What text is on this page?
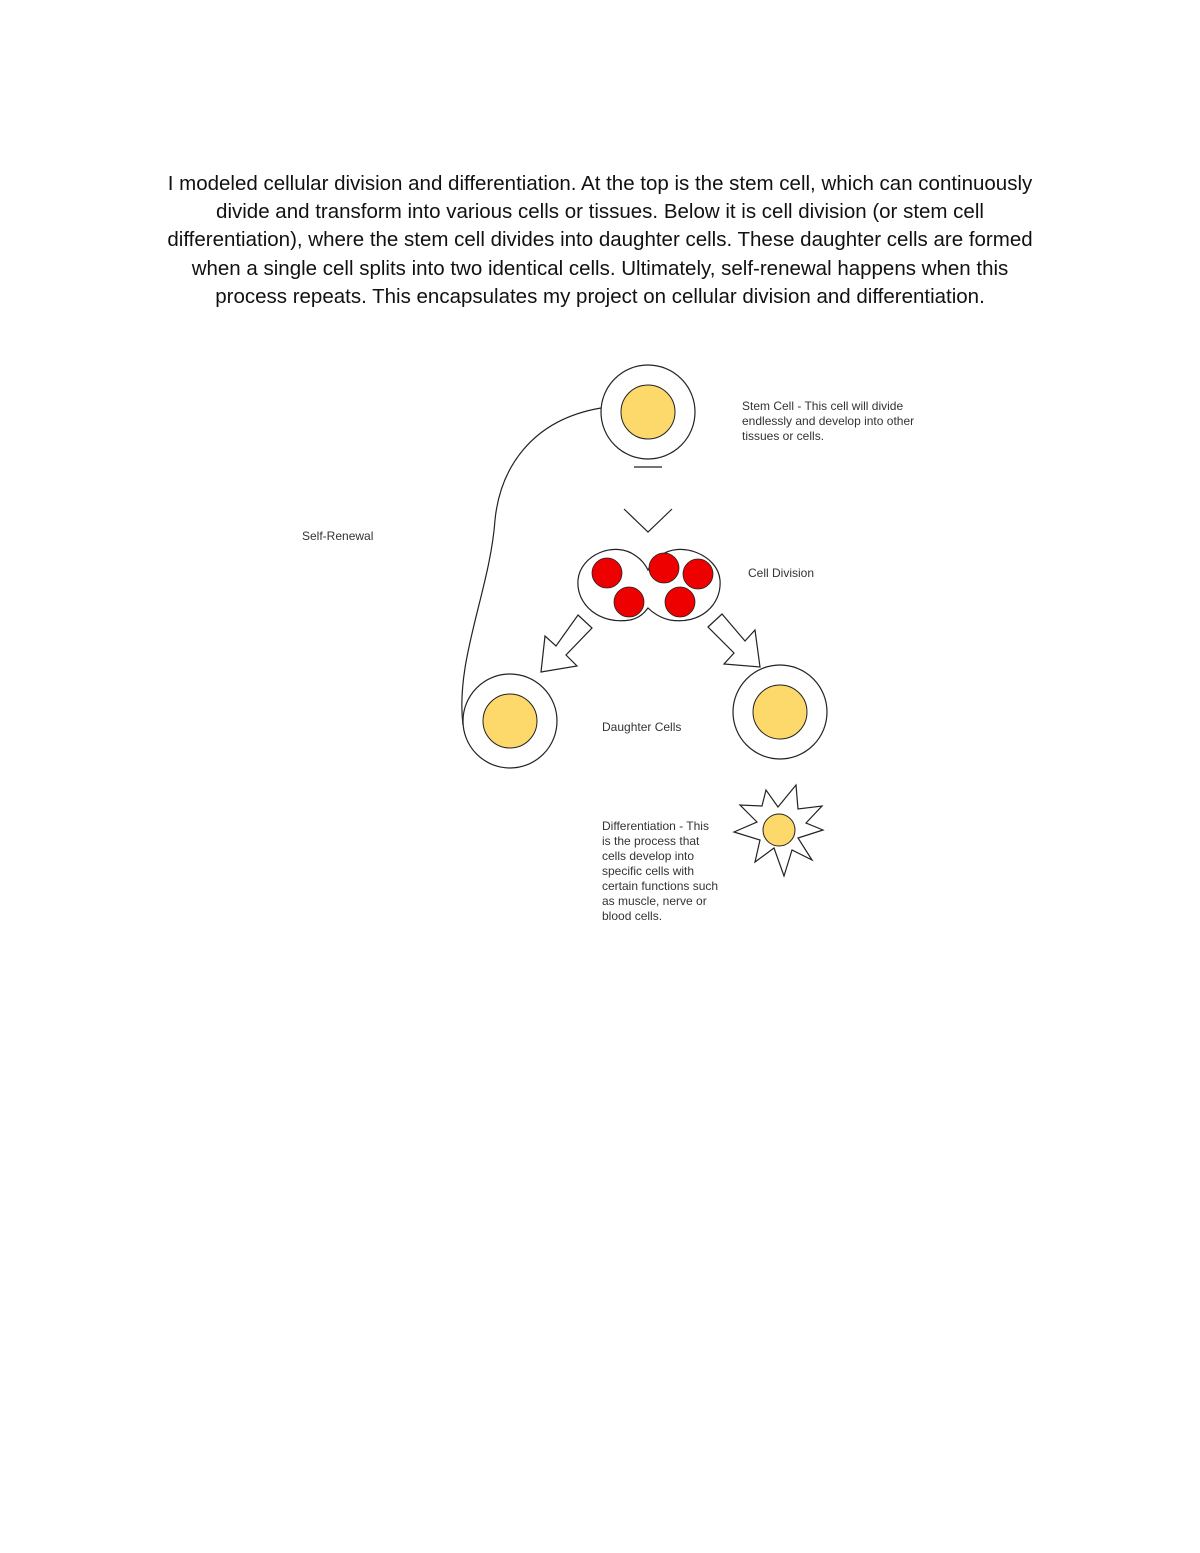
I modeled cellular division and differentiation. At the top is the stem cell, which can continuously
divide and transform into various cells or tissues. Below it is cell division (or stem cell
differentiation), where the stem cell divides into daughter cells. These daughter cells are formed
when a single cell splits into two identical cells. Ultimately, self-renewal happens when this
process repeats. This encapsulates my project on cellular division and differentiation.

Stem Cell - This cell will divide endlessly and develop into other tissues or cells.
Self-Renewal
Cell Division
Daughter Cells
Differentiation - This is the process that cells develop into specific cells with certain functions such as muscle, nerve or blood cells.
